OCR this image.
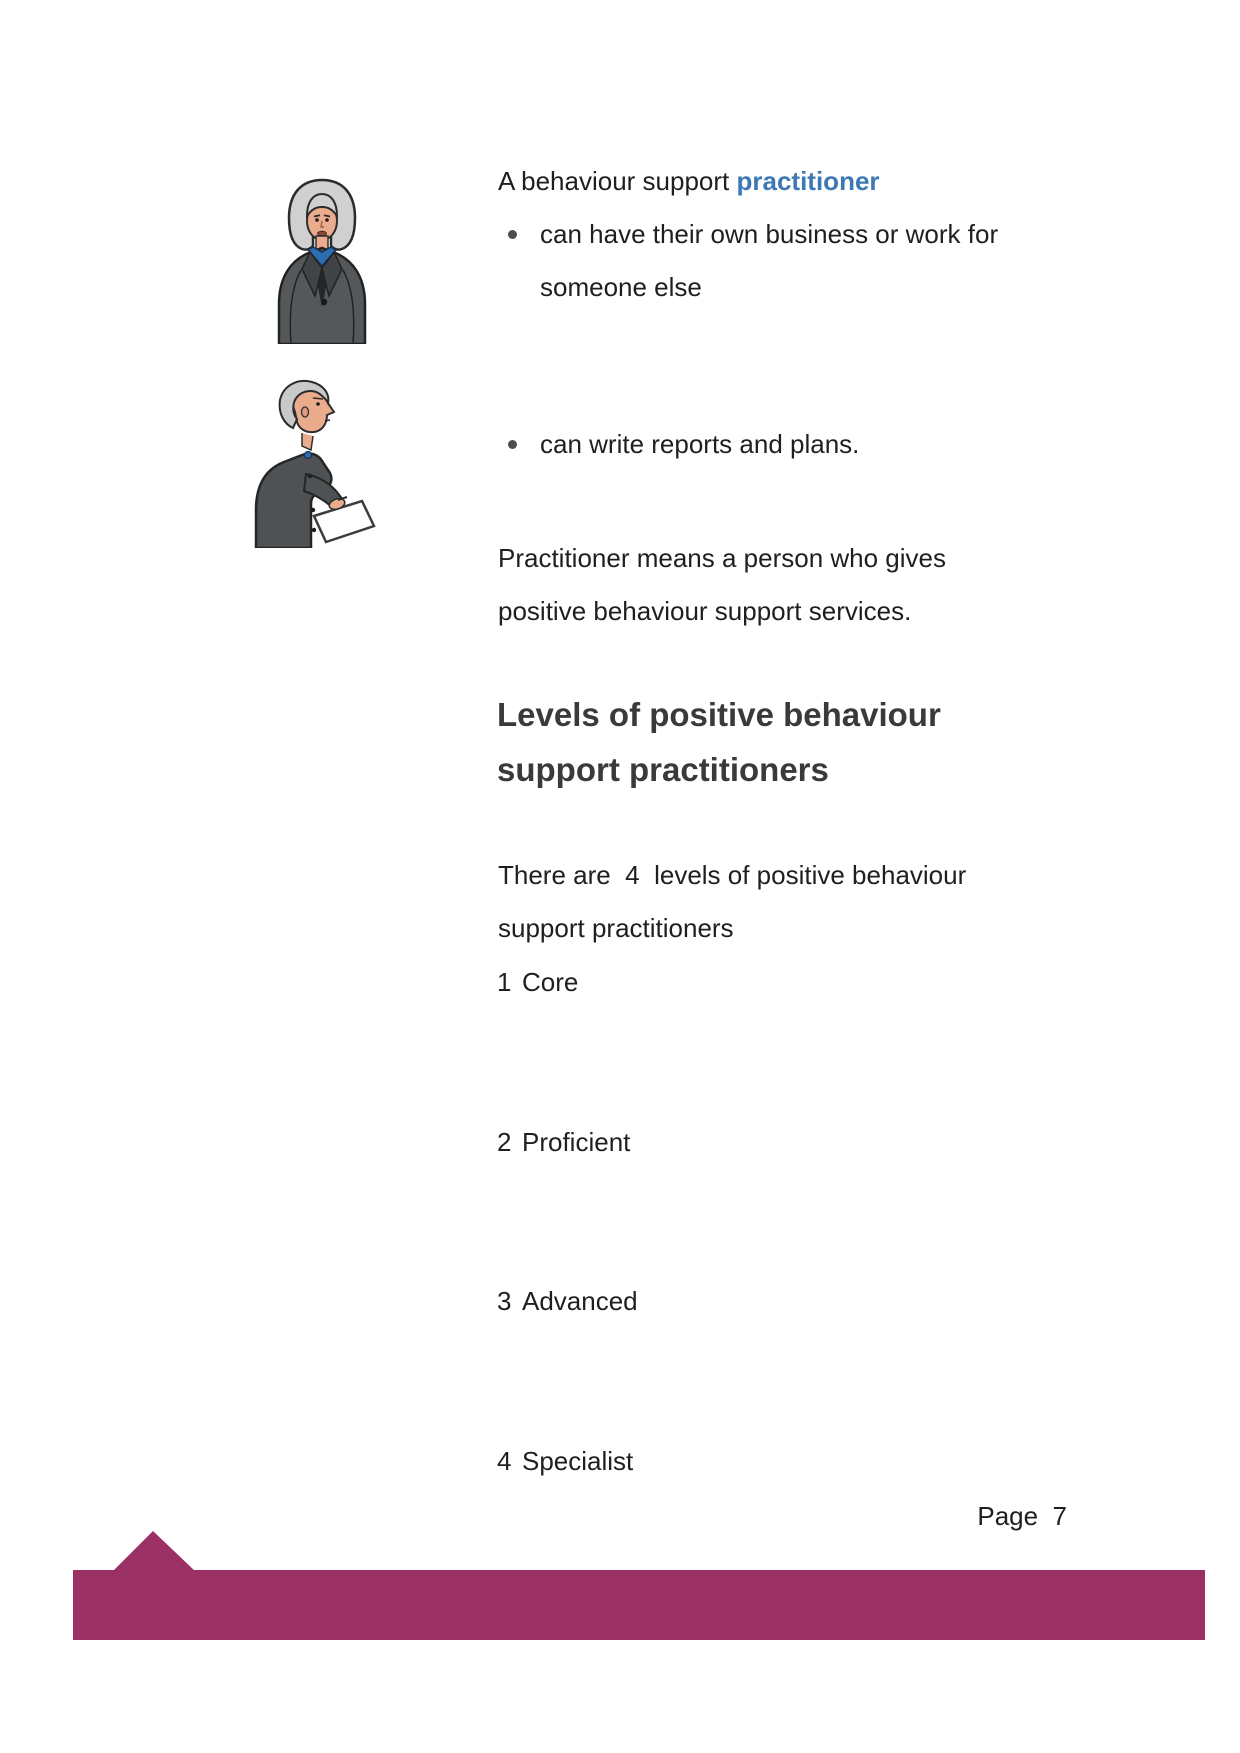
A behaviour support practitioner

can have their own business or work for someone else
can write reports and plans.

Practitioner means a person who gives positive behaviour support services.

Levels of positive behaviour support practitioners

There are  4  levels of positive behaviour support practitioners

1 Core
2 Proficient
3 Advanced
4 Specialist
Page  7
